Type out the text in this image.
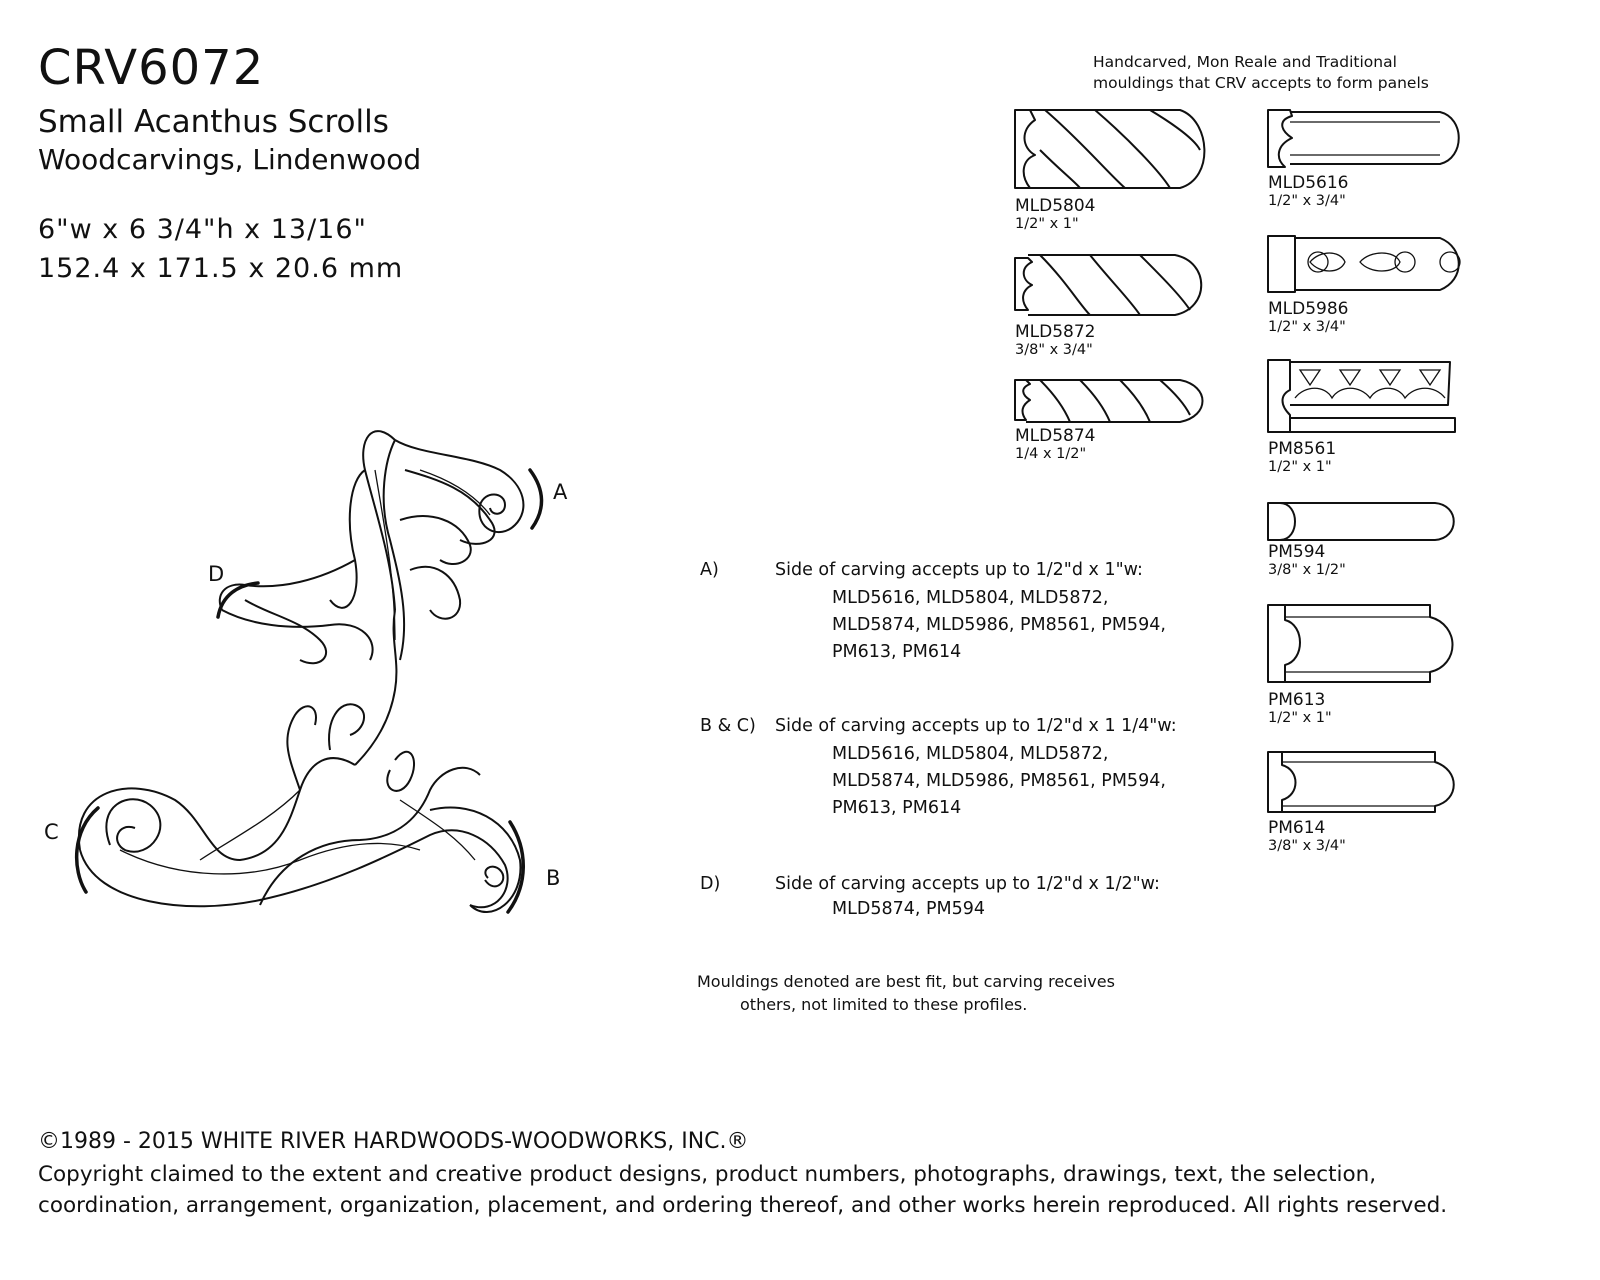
CRV6072
Small Acanthus Scrolls
Woodcarvings, Lindenwood
6"w x 6 3/4"h x 13/16"
152.4 x 171.5 x 20.6 mm
A
B
C
D
Handcarved, Mon Reale and Traditional
mouldings that CRV accepts to form panels
MLD5804
1/2" x 1"
MLD5872
3/8" x 3/4"
MLD5874
1/4 x 1/2"
MLD5616
1/2" x 3/4"
MLD5986
1/2" x 3/4"
PM8561
1/2" x 1"
PM594
3/8" x 1/2"
PM613
1/2" x 1"
PM614
3/8" x 3/4"
A)	Side of carving accepts up to 1/2"d x 1"w:
MLD5616, MLD5804, MLD5872,
MLD5874, MLD5986, PM8561, PM594,
PM613, PM614
B & C) Side of carving accepts up to 1/2"d x 1 1/4"w:
MLD5616, MLD5804, MLD5872,
MLD5874, MLD5986, PM8561, PM594,
PM613, PM614
D)	Side of carving accepts up to 1/2"d x 1/2"w:
MLD5874, PM594
Mouldings denoted are best fit, but carving receives
others, not limited to these profiles.
©1989 - 2015 WHITE RIVER HARDWOODS-WOODWORKS, INC.®
Copyright claimed to the extent and creative product designs, product numbers, photographs, drawings, text, the selection,
coordination, arrangement, organization, placement, and ordering thereof, and other works herein reproduced. All rights reserved.
